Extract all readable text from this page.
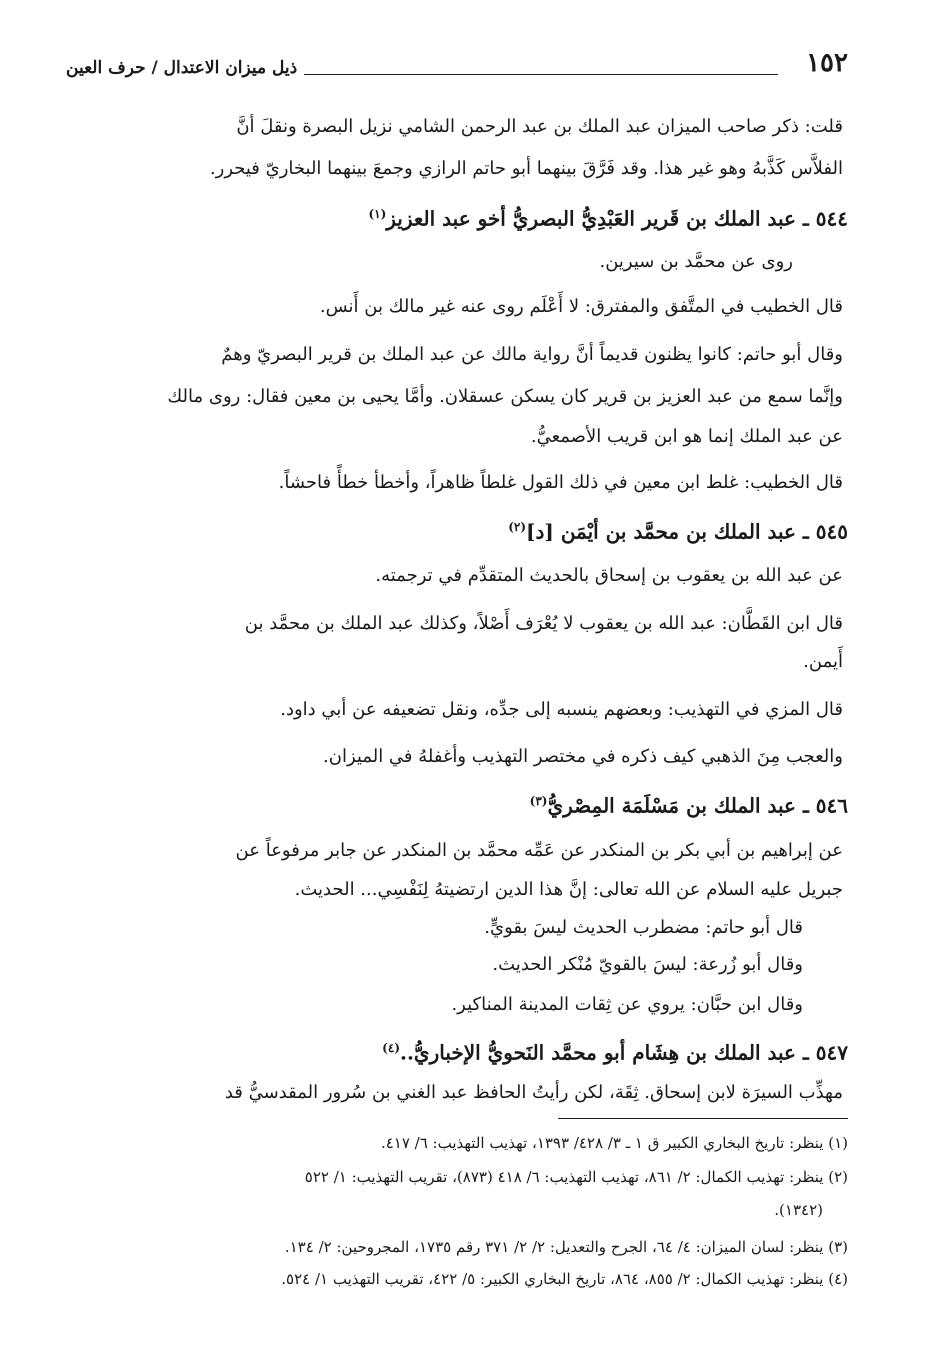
١٥٢
ذيل ميزان الاعتدال / حرف العين
قلت: ذكر صاحب الميزان عبد الملك بن عبد الرحمن الشامي نزيل البصرة ونقلَ أنَّ
الفلاَّس كَذَّبهُ وهو غير هذا. وقد فَرَّقَ بينهما أبو حاتم الرازي وجمعَ بينهما البخاريّ فيحرر.
٥٤٤ ـ عبد الملك بن قَرير العَبْدِيُّ البصريُّ أخو عبد العزيز$^{(١)}$
روى عن محمَّد بن سيرين.
قال الخطيب في المتَّفق والمفترق: لا أَعْلَم روى عنه غير مالك بن أَنس.
وقال أبو حاتم: كانوا يظنون قديماً أنَّ رواية مالك عن عبد الملك بن قرير البصريّ وهمٌ
وإنَّما سمع من عبد العزيز بن قرير كان يسكن عسقلان. وأمَّا يحيى بن معين فقال: روى مالك
عن عبد الملك إنما هو ابن قريب الأصمعيُّ.
قال الخطيب: غلط ابن معين في ذلك القول غلطاً ظاهراً، وأخطأ خطأً فاحشاً.
٥٤٥ ـ عبد الملك بن محمَّد بن أيْمَن [د]$^{(٢)}$
عن عبد الله بن يعقوب بن إسحاق بالحديث المتقدِّم في ترجمته.
قال ابن القَطَّان: عبد الله بن يعقوب لا يُعْرَف أَصْلاً، وكذلك عبد الملك بن محمَّد بن
أَيمن.
قال المزي في التهذيب: وبعضهم ينسبه إلى جدِّه، ونقل تضعيفه عن أبي داود.
والعجب مِنَ الذهبي كيف ذكره في مختصر التهذيب وأغفلهُ في الميزان.
٥٤٦ ـ عبد الملك بن مَسْلَمَة المِصْريُّ$^{(٣)}$
عن إبراهيم بن أبي بكر بن المنكدر عن عَمِّه محمَّد بن المنكدر عن جابر مرفوعاً عن
جبريل عليه السلام عن الله تعالى: إنَّ هذا الدين ارتضيتهُ لِنَفْسِي... الحديث.
قال أبو حاتم: مضطرب الحديث ليسَ بقويٍّ.
وقال أبو زُرعة: ليسَ بالقويّ مُنْكر الحديث.
وقال ابن حبَّان: يروي عن ثِقات المدينة المناكير.
٥٤٧ ـ عبد الملك بن هِشَام أبو محمَّد النَحويُّ الإخباريُّ..$^{(٤)}$
مهذِّب السيرَة لابن إسحاق. ثِقَة، لكن رأيتُ الحافظ عبد الغني بن سُرور المقدسيُّ قد
(١) ينظر: تاريخ البخاري الكبير ق ١ ـ ٣/ ٤٢٨/ ١٣٩٣، تهذيب التهذيب: ٦/ ٤١٧.
(٢) ينظر: تهذيب الكمال: ٢/ ٨٦١، تهذيب التهذيب: ٦/ ٤١٨ (٨٧٣)، تقريب التهذيب: ١/ ٥٢٢
(١٣٤٢).
(٣) ينظر: لسان الميزان: ٤/ ٦٤، الجرح والتعديل: ٢/ ٢/ ٣٧١ رقم ١٧٣٥، المجروحين: ٢/ ١٣٤.
(٤) ينظر: تهذيب الكمال: ٢/ ٨٥٥، ٨٦٤، تاريخ البخاري الكبير: ٥/ ٤٢٢، تقريب التهذيب ١/ ٥٢٤.
